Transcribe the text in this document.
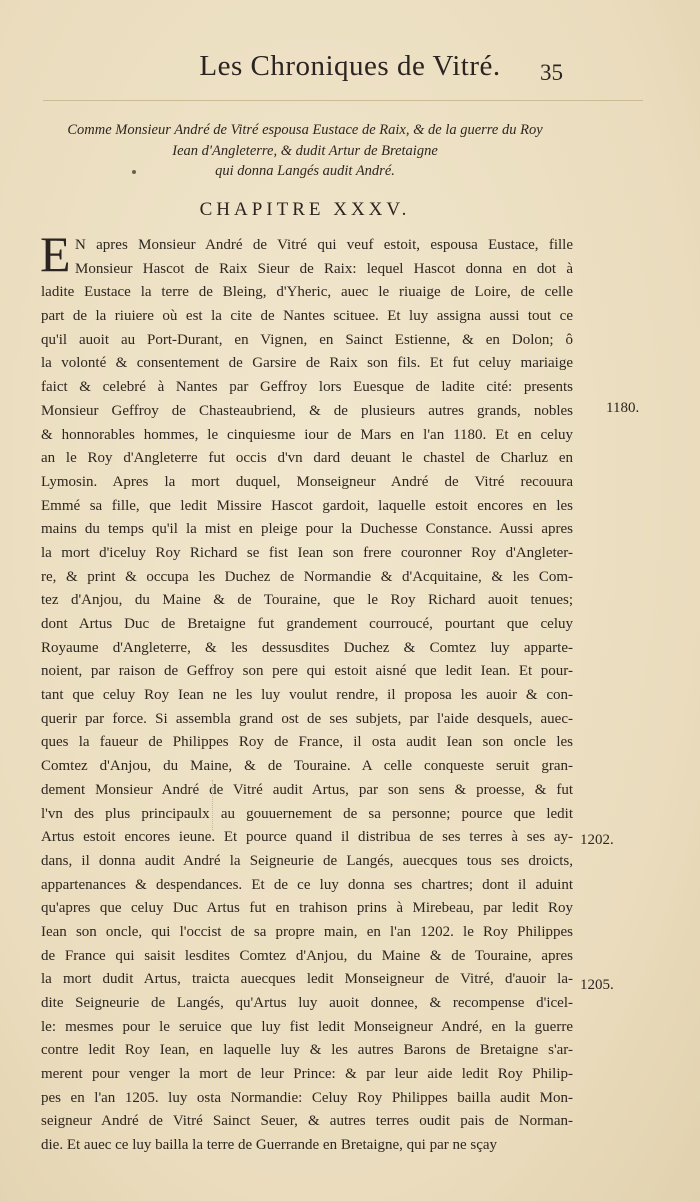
Les Chroniques de Vitré.	35
Comme Monsieur André de Vitré espousa Eustace de Raix, & de la guerre du Roy
Iean d'Angleterre, & dudit Artur de Bretaigne
qui donna Langés audit André.
CHAPITRE XXXV.
E N apres Monsieur André de Vitré qui veuf estoit, espousa Eustace, fille
Monsieur Hascot de Raix Sieur de Raix: lequel Hascot donna en dot à
ladite Eustace la terre de Bleing, d'Yheric, auec le riuaige de Loire, de celle
part de la riuiere où est la cite de Nantes scituee. Et luy assigna aussi tout ce
qu'il auoit au Port-Durant, en Vignen, en Sainct Estienne, & en Dolon; ô
la volonté & consentement de Garsire de Raix son fils. Et fut celuy mariaige
faict & celebré à Nantes par Geffroy lors Euesque de ladite cité: presents
Monsieur Geffroy de Chasteaubriend, & de plusieurs autres grands, nobles
& honnorables hommes, le cinquiesme iour de Mars en l'an 1180. Et en celuy
an le Roy d'Angleterre fut occis d'vn dard deuant le chastel de Charluz en
Lymosin. Apres la mort duquel, Monseigneur André de Vitré recouura
Emmé sa fille, que ledit Missire Hascot gardoit, laquelle estoit encores en les
mains du temps qu'il la mist en pleige pour la Duchesse Constance. Aussi apres
la mort d'iceluy Roy Richard se fist Iean son frere couronner Roy d'Angleter-
re, & print & occupa les Duchez de Normandie & d'Acquitaine, & les Com-
tez d'Anjou, du Maine & de Touraine, que le Roy Richard auoit tenues;
dont Artus Duc de Bretaigne fut grandement courroucé, pourtant que celuy
Royaume d'Angleterre, & les dessusdites Duchez & Comtez luy apparte-
noient, par raison de Geffroy son pere qui estoit aisné que ledit Iean. Et pour-
tant que celuy Roy Iean ne les luy voulut rendre, il proposa les auoir & con-
querir par force. Si assembla grand ost de ses subjets, par l'aide desquels, auec-
ques la faueur de Philippes Roy de France, il osta audit Iean son oncle les
Comtez d'Anjou, du Maine, & de Touraine. A celle conqueste seruit gran-
dement Monsieur André de Vitré audit Artus, par son sens & proesse, & fut
l'vn des plus principaulx au gouuernement de sa personne; pource que ledit
Artus estoit encores ieune. Et pource quand il distribua de ses terres à ses ay-
dans, il donna audit André la Seigneurie de Langés, auecques tous ses droicts,
appartenances & despendances. Et de ce luy donna ses chartres; dont il aduint
qu'apres que celuy Duc Artus fut en trahison prins à Mirebeau, par ledit Roy
Iean son oncle, qui l'occist de sa propre main, en l'an 1202. le Roy Philippes
de France qui saisit lesdites Comtez d'Anjou, du Maine & de Touraine, apres
la mort dudit Artus, traicta auecques ledit Monseigneur de Vitré, d'auoir la-
dite Seigneurie de Langés, qu'Artus luy auoit donnee, & recompense d'icel-
le: mesmes pour le seruice que luy fist ledit Monseigneur André, en la guerre
contre ledit Roy Iean, en laquelle luy & les autres Barons de Bretaigne s'ar-
merent pour venger la mort de leur Prince: & par leur aide ledit Roy Philip-
pes en l'an 1205. luy osta Normandie: Celuy Roy Philippes bailla audit Mon-
seigneur André de Vitré Sainct Seuer, & autres terres oudit pais de Norman-
die. Et auec ce luy bailla la terre de Guerrande en Bretaigne, qui par ne sçay
1180.
1202.
1205.
